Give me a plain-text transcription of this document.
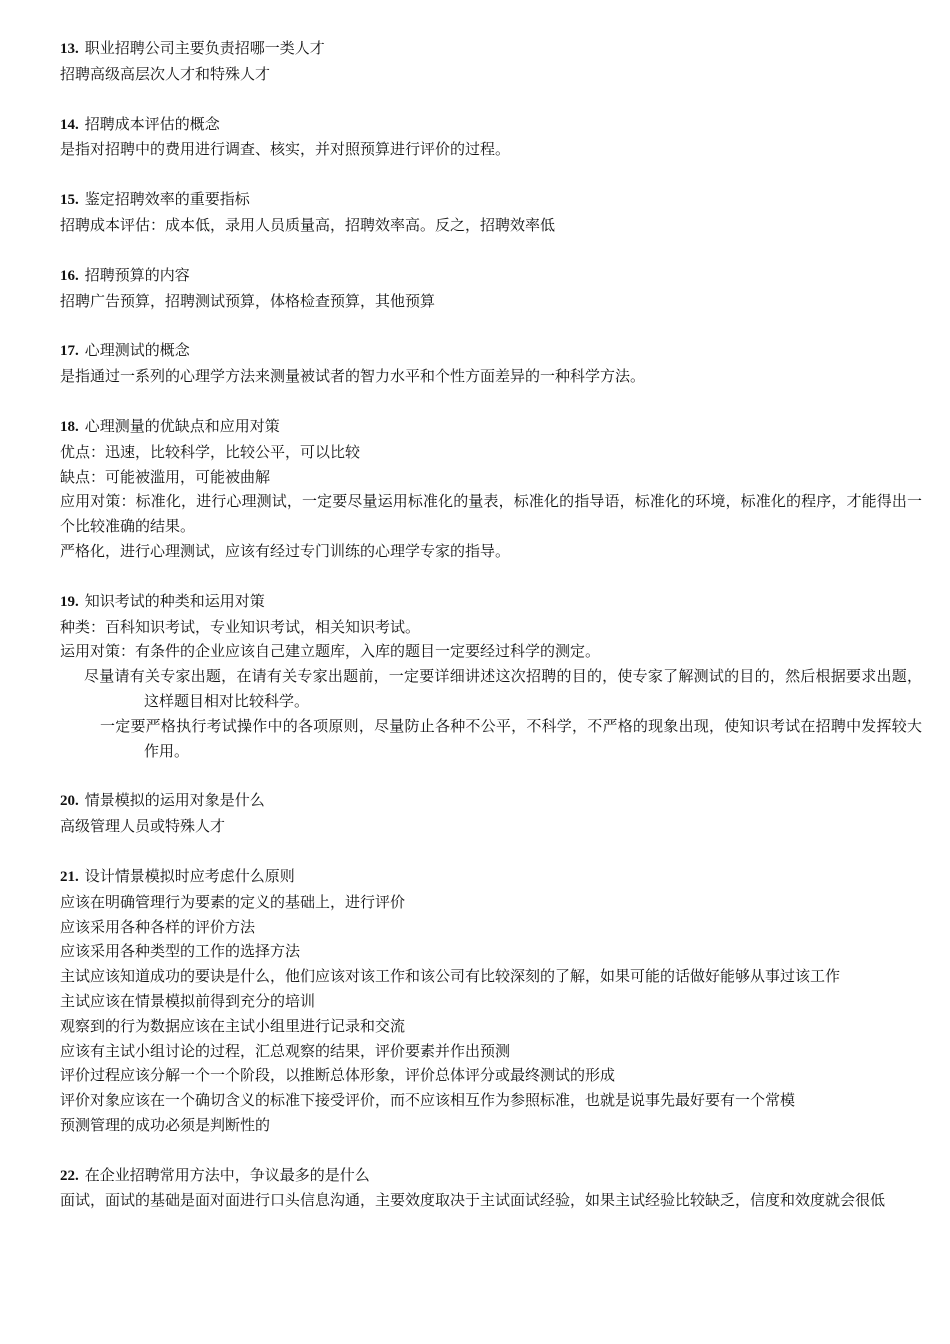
13. 职业招聘公司主要负责招哪一类人才
招聘高级高层次人才和特殊人才
14. 招聘成本评估的概念
是指对招聘中的费用进行调查、核实，并对照预算进行评价的过程。
15. 鉴定招聘效率的重要指标
招聘成本评估：成本低，录用人员质量高，招聘效率高。反之，招聘效率低
16. 招聘预算的内容
招聘广告预算，招聘测试预算，体格检查预算，其他预算
17. 心理测试的概念
是指通过一系列的心理学方法来测量被试者的智力水平和个性方面差异的一种科学方法。
18. 心理测量的优缺点和应用对策
优点：迅速，比较科学，比较公平，可以比较
缺点：可能被滥用，可能被曲解
应用对策：标准化，进行心理测试，一定要尽量运用标准化的量表，标准化的指导语，标准化的环境，标准化的程序，才能得出一个比较准确的结果。
严格化，进行心理测试，应该有经过专门训练的心理学专家的指导。
19. 知识考试的种类和运用对策
种类：百科知识考试，专业知识考试，相关知识考试。
运用对策：有条件的企业应该自己建立题库，入库的题目一定要经过科学的测定。
尽量请有关专家出题，在请有关专家出题前，一定要详细讲述这次招聘的目的，使专家了解测试的目的，然后根据要求出题，这样题目相对比较科学。
一定要严格执行考试操作中的各项原则，尽量防止各种不公平，不科学，不严格的现象出现，使知识考试在招聘中发挥较大作用。
20. 情景模拟的运用对象是什么
高级管理人员或特殊人才
21. 设计情景模拟时应考虑什么原则
应该在明确管理行为要素的定义的基础上，进行评价
应该采用各种各样的评价方法
应该采用各种类型的工作的选择方法
主试应该知道成功的要诀是什么，他们应该对该工作和该公司有比较深刻的了解，如果可能的话做好能够从事过该工作
主试应该在情景模拟前得到充分的培训
观察到的行为数据应该在主试小组里进行记录和交流
应该有主试小组讨论的过程，汇总观察的结果，评价要素并作出预测
评价过程应该分解一个一个阶段，以推断总体形象，评价总体评分或最终测试的形成
评价对象应该在一个确切含义的标准下接受评价，而不应该相互作为参照标准，也就是说事先最好要有一个常模
预测管理的成功必须是判断性的
22. 在企业招聘常用方法中，争议最多的是什么
面试，面试的基础是面对面进行口头信息沟通，主要效度取决于主试面试经验，如果主试经验比较缺乏，信度和效度就会很低
